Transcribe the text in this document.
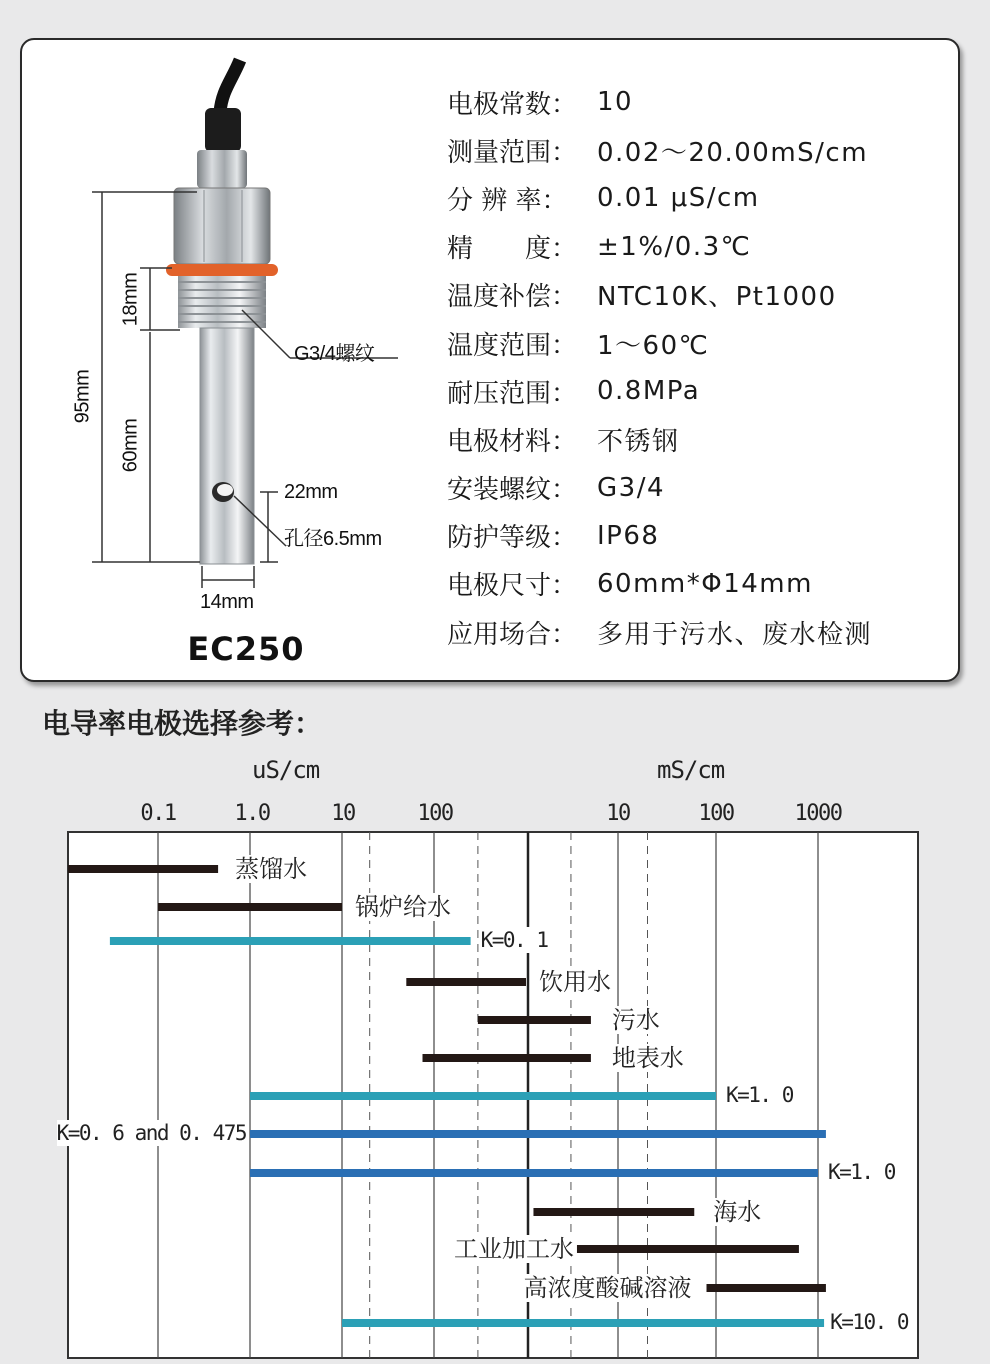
95mm
18mm
60mm
22mm
孔径6.5mm
G3/4螺纹
14mm
EC250
电极常数： 10
测量范围： 0.02～20.00mS/cm
分 辨 率：	0.01 μS/cm
精　　度： ±1%/0.3℃
温度补偿： NTC10K、Pt1000
温度范围： 1～60℃
耐压范围： 0.8MPa
电极材料： 不锈钢
安装螺纹： G3/4
防护等级： IP68
电极尺寸： 60mm*Φ14mm
应用场合： 多用于污水、废水检测
电导率电极选择参考：
uS/cm	mS/cm
0.1	1.0	10	100	10	100	1000
蒸馏水
锅炉给水
K=0. 1
饮用水
污水
地表水
K=1. 0
K=0. 6 and 0. 475
K=1. 0
海水
工业加工水
高浓度酸碱溶液
K=10. 0
